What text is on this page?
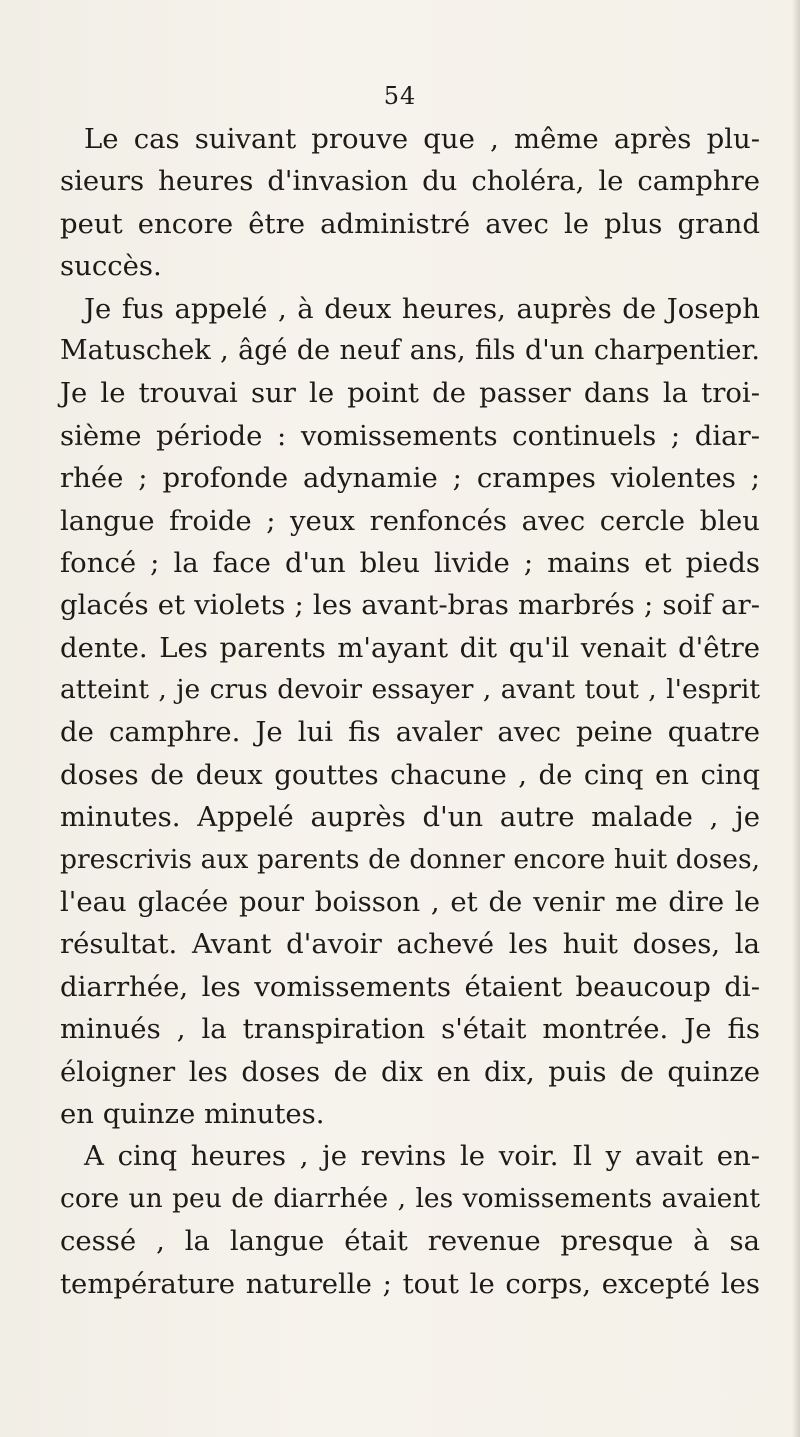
54
Le cas suivant prouve que , même après plu-
sieurs heures d'invasion du choléra, le camphre
peut encore être administré avec le plus grand
succès.
Je fus appelé , à deux heures, auprès de Joseph
Matuschek , âgé de neuf ans, fils d'un charpentier.
Je le trouvai sur le point de passer dans la troi-
sième période : vomissements continuels ; diar-
rhée ; profonde adynamie ; crampes violentes ;
langue froide ; yeux renfoncés avec cercle bleu
foncé ; la face d'un bleu livide ; mains et pieds
glacés et violets ; les avant-bras marbrés ; soif ar-
dente. Les parents m'ayant dit qu'il venait d'être
atteint , je crus devoir essayer , avant tout , l'esprit
de camphre. Je lui fis avaler avec peine quatre
doses de deux gouttes chacune , de cinq en cinq
minutes. Appelé auprès d'un autre malade , je
prescrivis aux parents de donner encore huit doses,
l'eau glacée pour boisson , et de venir me dire le
résultat. Avant d'avoir achevé les huit doses, la
diarrhée, les vomissements étaient beaucoup di-
minués , la transpiration s'était montrée. Je fis
éloigner les doses de dix en dix, puis de quinze
en quinze minutes.
A cinq heures , je revins le voir. Il y avait en-
core un peu de diarrhée , les vomissements avaient
cessé , la langue était revenue presque à sa
température naturelle ; tout le corps, excepté les
